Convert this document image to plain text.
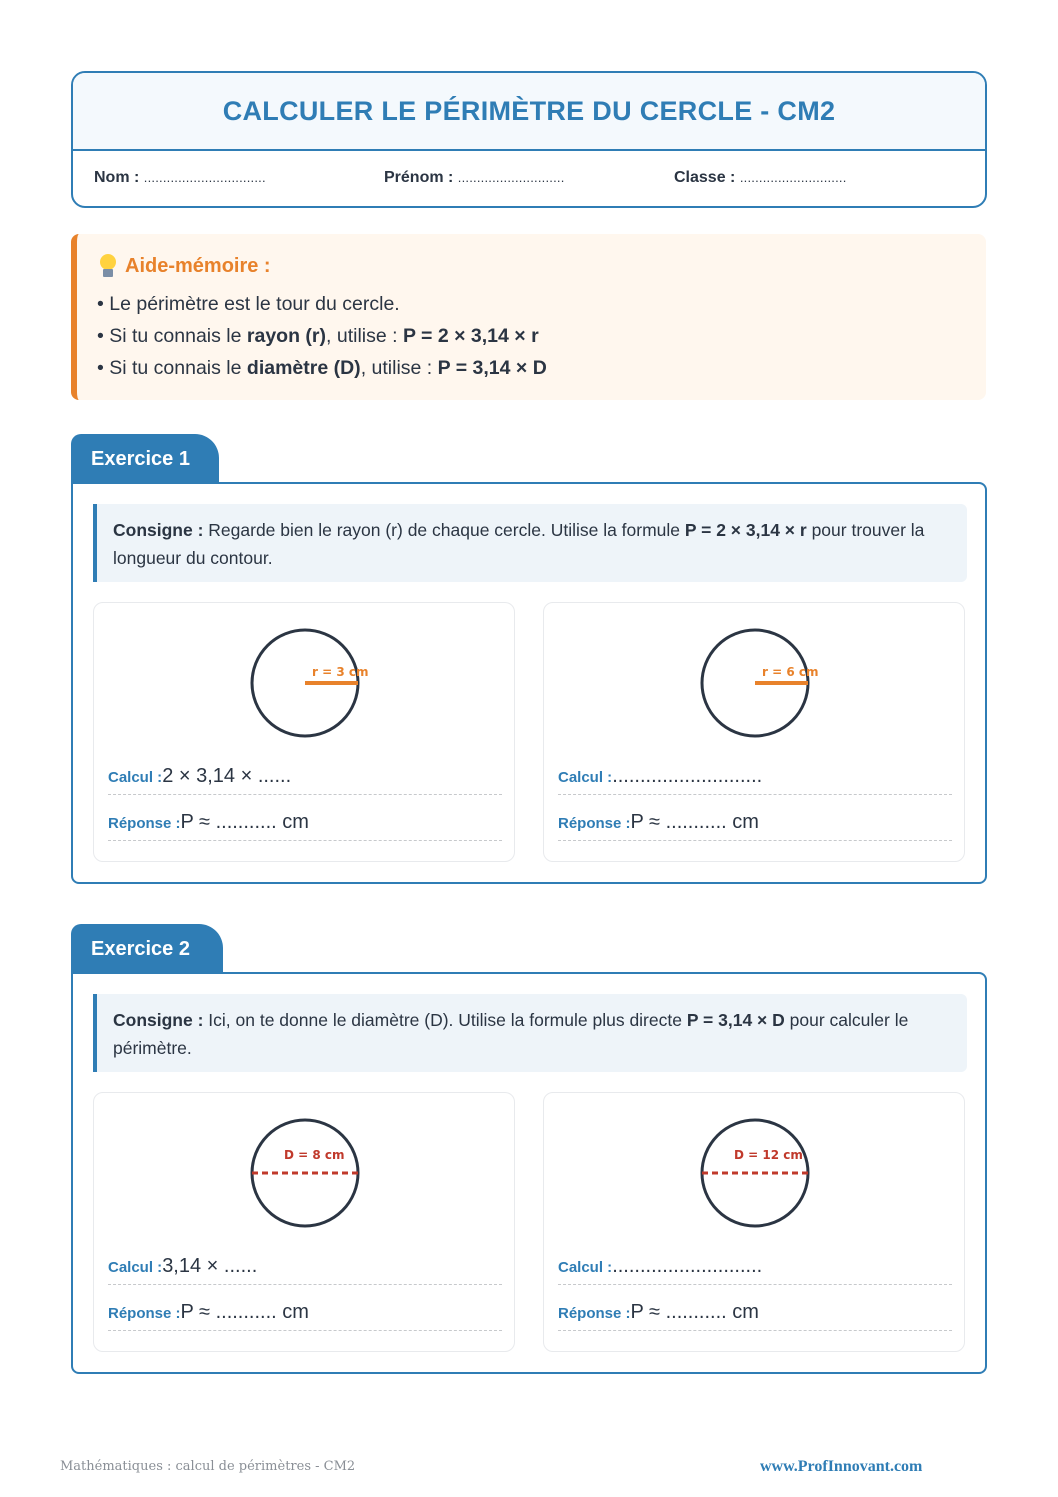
CALCULER LE PÉRIMÈTRE DU CERCLE - CM2
Nom : ................................	Prénom : ............................	Classe : ............................
Aide-mémoire :
• Le périmètre est le tour du cercle.
• Si tu connais le rayon (r), utilise : P = 2 × 3,14 × r
• Si tu connais le diamètre (D), utilise : P = 3,14 × D
Exercice 1
Consigne : Regarde bien le rayon (r) de chaque cercle. Utilise la formule P = 2 × 3,14 × r pour trouver la longueur du contour.
r = 3 cm
Calcul :2 × 3,14 × ......
Réponse :P ≈ ........... cm
r = 6 cm
Calcul :...........................
Réponse :P ≈ ........... cm
Exercice 2
Consigne : Ici, on te donne le diamètre (D). Utilise la formule plus directe P = 3,14 × D pour calculer le périmètre.
D = 8 cm
Calcul :3,14 × ......
Réponse :P ≈ ........... cm
D = 12 cm
Calcul :...........................
Réponse :P ≈ ........... cm
Mathématiques : calcul de périmètres - CM2	www.ProfInnovant.com
